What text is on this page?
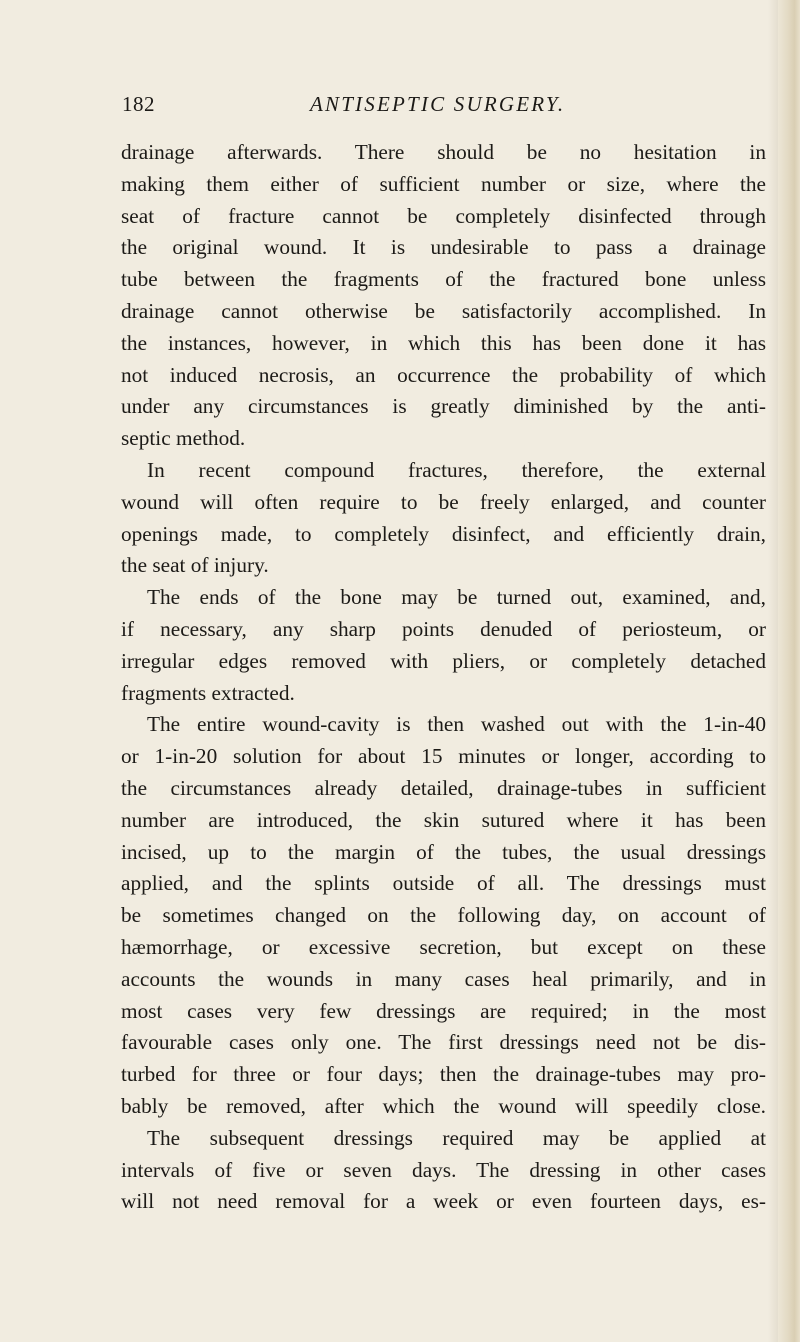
182	ANTISEPTIC SURGERY.
drainage afterwards. There should be no hesitation in
making them either of sufficient number or size, where the
seat of fracture cannot be completely disinfected through
the original wound. It is undesirable to pass a drainage
tube between the fragments of the fractured bone unless
drainage cannot otherwise be satisfactorily accomplished. In
the instances, however, in which this has been done it has
not induced necrosis, an occurrence the probability of which
under any circumstances is greatly diminished by the anti-
septic method.
In recent compound fractures, therefore, the external
wound will often require to be freely enlarged, and counter
openings made, to completely disinfect, and efficiently drain,
the seat of injury.
The ends of the bone may be turned out, examined, and,
if necessary, any sharp points denuded of periosteum, or
irregular edges removed with pliers, or completely detached
fragments extracted.
The entire wound-cavity is then washed out with the 1-in-40
or 1-in-20 solution for about 15 minutes or longer, according to
the circumstances already detailed, drainage-tubes in sufficient
number are introduced, the skin sutured where it has been
incised, up to the margin of the tubes, the usual dressings
applied, and the splints outside of all. The dressings must
be sometimes changed on the following day, on account of
hæmorrhage, or excessive secretion, but except on these
accounts the wounds in many cases heal primarily, and in
most cases very few dressings are required; in the most
favourable cases only one. The first dressings need not be dis-
turbed for three or four days; then the drainage-tubes may pro-
bably be removed, after which the wound will speedily close.
The subsequent dressings required may be applied at
intervals of five or seven days. The dressing in other cases
will not need removal for a week or even fourteen days, es-
